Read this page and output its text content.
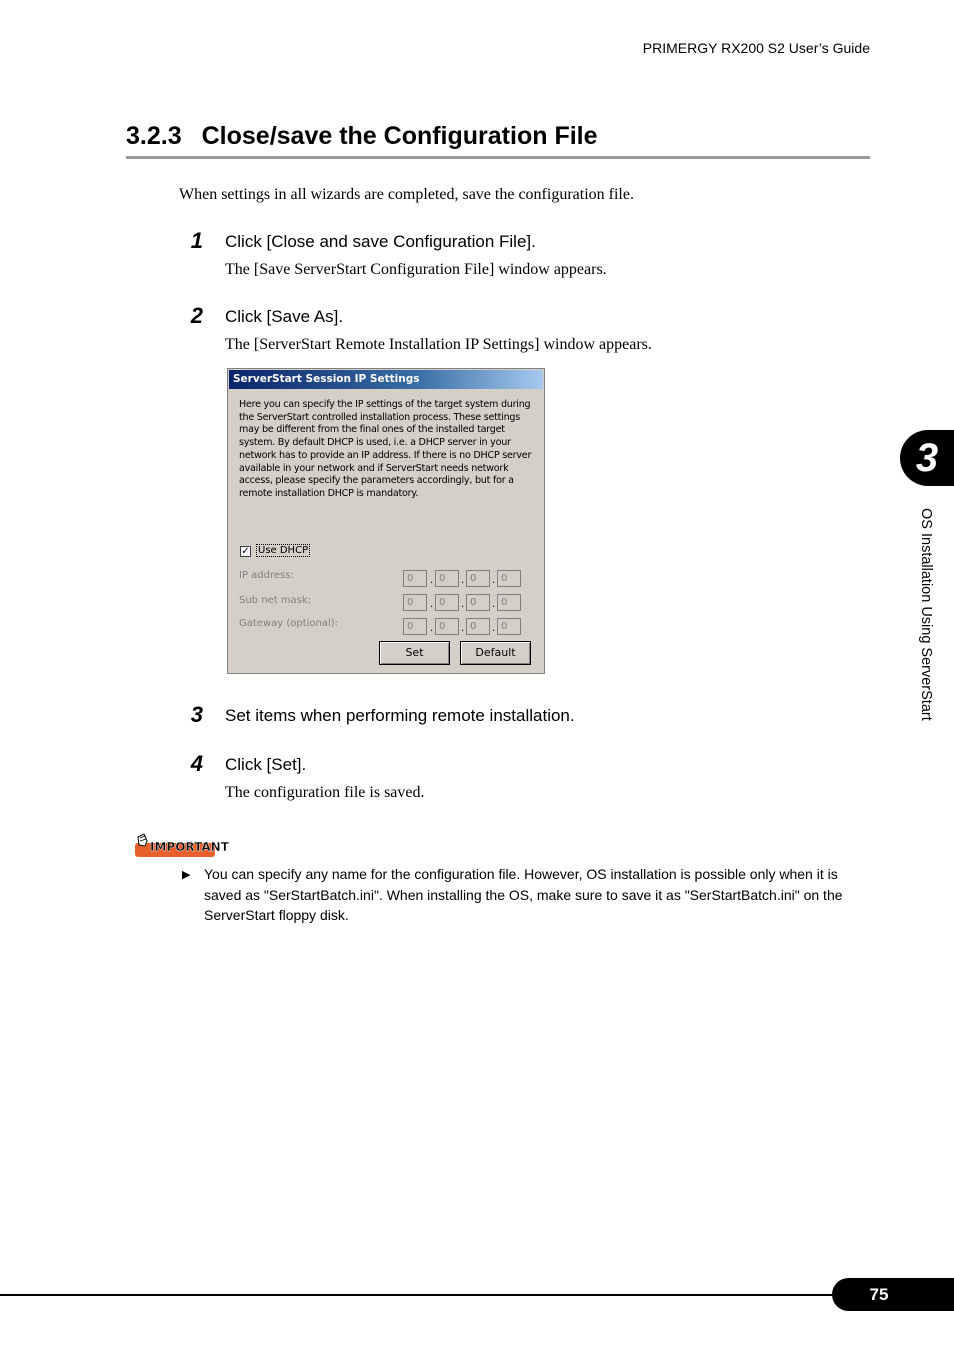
PRIMERGY RX200 S2 User’s Guide
3.2.3 Close/save the Configuration File
When settings in all wizards are completed, save the configuration file.
1 Click [Close and save Configuration File].
The [Save ServerStart Configuration File] window appears.
2 Click [Save As].
The [ServerStart Remote Installation IP Settings] window appears.
ServerStart Session IP Settings
Here you can specify the IP settings of the target system during the ServerStart controlled installation process. These settings may be different from the final ones of the installed target system. By default DHCP is used, i.e. a DHCP server in your network has to provide an IP address. If there is no DHCP server available in your network and if ServerStart needs network access, please specify the parameters accordingly, but for a remote installation DHCP is mandatory.
✓ Use DHCP
IP address:	0	. 0	. 0	. 0
Sub net mask:	0	. 0	. 0	. 0
Gateway (optional):	0	. 0	. 0	. 0
Set	Default
3 Set items when performing remote installation.
4 Click [Set].
The configuration file is saved.
IMPORTANT
▶ You can specify any name for the configuration file. However, OS installation is possible only when it is saved as "SerStartBatch.ini". When installing the OS, make sure to save it as "SerStartBatch.ini" on the ServerStart floppy disk.
3
OS Installation Using ServerStart
75
